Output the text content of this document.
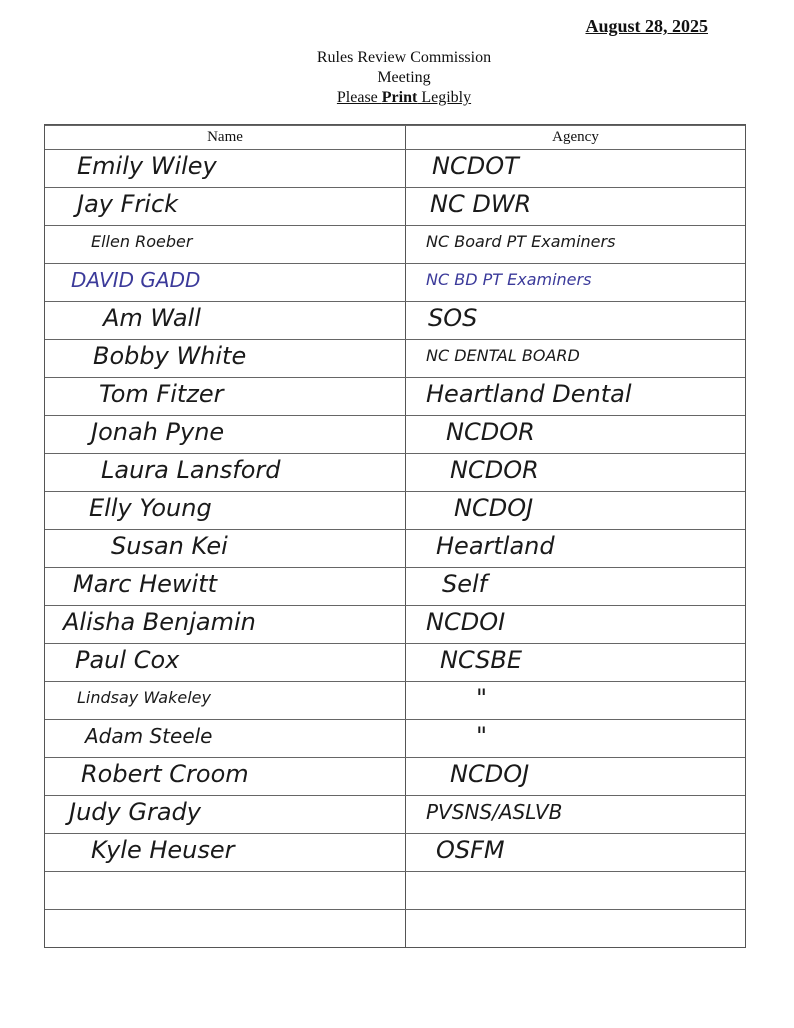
August 28, 2025
Rules Review Commission
Meeting
Please Print Legibly
Name	Agency
Emily Wiley	NCDOT
Jay Frick	NC DWR
Ellen Roeber	NC Board PT Examiners
DAVID GADD	NC BD PT Examiners
Am Wall	SOS
Bobby White	NC DENTAL BOARD
Tom Fitzer	Heartland Dental
Jonah Pyne	NCDOR
Laura Lansford	NCDOR
Elly Young	NCDOJ
Susan Kei	Heartland
Marc Hewitt	Self
Alisha Benjamin	NCDOI
Paul Cox	NCSBE
Lindsay Wakeley	"
Adam Steele	"
Robert Croom	NCDOJ
Judy Grady	PVSNS/ASLVB
Kyle Heuser	OSFM
